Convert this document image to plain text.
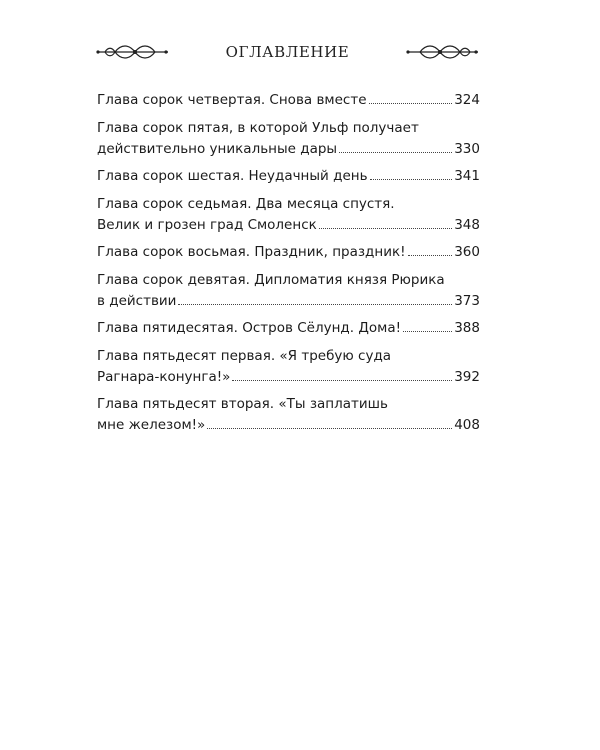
ОГЛАВЛЕНИЕ
Глава сорок четвертая. Снова вместе	324
Глава сорок пятая, в которой Ульф получает
действительно уникальные дары	330
Глава сорок шестая. Неудачный день	341
Глава сорок седьмая. Два месяца спустя.
Велик и грозен град Смоленск	348
Глава сорок восьмая. Праздник, праздник!	360
Глава сорок девятая. Дипломатия князя Рюрика
в действии	373
Глава пятидесятая. Остров Сёлунд. Дома!	388
Глава пятьдесят первая. «Я требую суда
Рагнара-конунга!»	392
Глава пятьдесят вторая. «Ты заплатишь
мне железом!»	408
